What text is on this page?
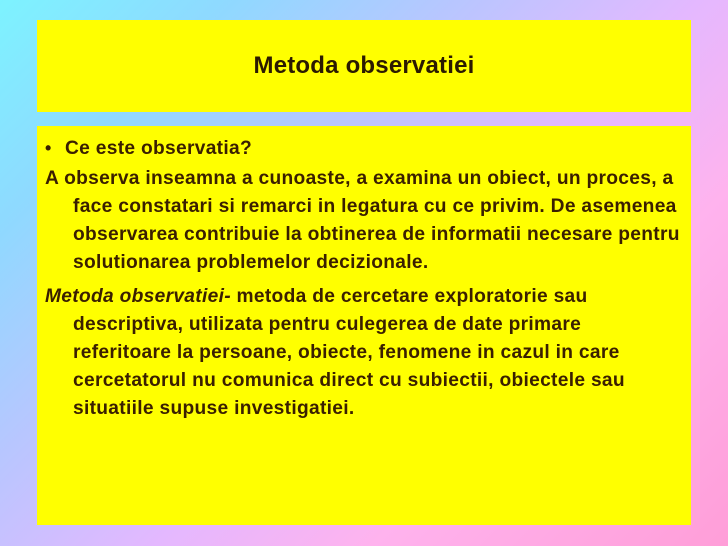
Metoda observatiei
• Ce este observatia?

A observa inseamna a cunoaste, a examina un obiect, un proces, a face constatari si remarci in legatura cu ce privim. De asemenea observarea contribuie la obtinerea de informatii necesare pentru solutionarea problemelor decizionale.

Metoda observatiei- metoda de cercetare exploratorie sau descriptiva, utilizata pentru culegerea de date primare referitoare la persoane, obiecte, fenomene in cazul in care cercetatorul nu comunica direct cu subiectii, obiectele sau situatiile supuse investigatiei.
